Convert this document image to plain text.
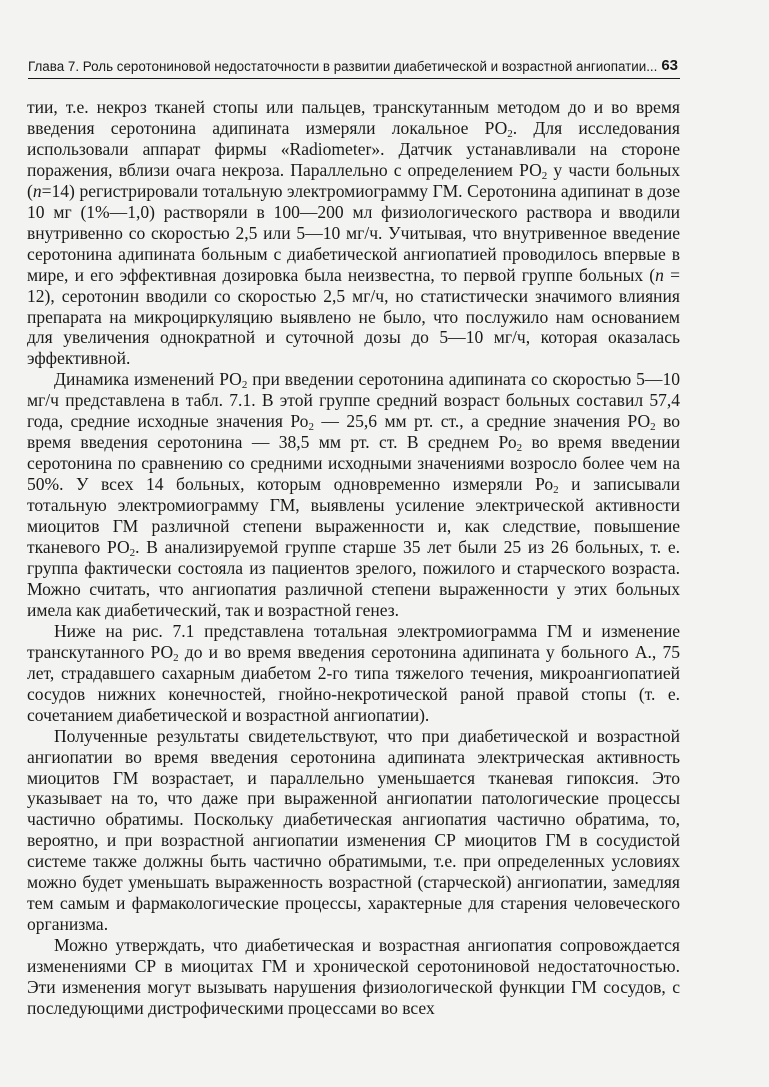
Глава 7. Роль серотониновой недостаточности в развитии диабетической и возрастной ангиопатии... 63

тии, т.е. некроз тканей стопы или пальцев, транскутанным методом до и во время введения серотонина адипината измеряли локальное $РО_2$. Для исследования использовали аппарат фирмы «Radiometer». Датчик устанавливали на стороне поражения, вблизи очага некроза. Параллельно с определением $РО_2$ у части больных (n=14) регистрировали тотальную электромиограмму ГМ. Серотонина адипинат в дозе 10 мг (1%—1,0) растворяли в 100—200 мл физиологического раствора и вводили внутривенно со скоростью 2,5 или 5—10 мг/ч. Учитывая, что внутривенное введение серотонина адипината больным с диабетической ангиопатией проводилось впервые в мире, и его эффективная дозировка была неизвестна, то первой группе больных (n = 12), серотонин вводили со скоростью 2,5 мг/ч, но статистически значимого влияния препарата на микроциркуляцию выявлено не было, что послужило нам основанием для увеличения однократной и суточной дозы до 5—10 мг/ч, которая оказалась эффективной.

Динамика изменений $РО_2$ при введении серотонина адипината со скоростью 5—10 мг/ч представлена в табл. 7.1. В этой группе средний возраст больных составил 57,4 года, средние исходные значения $Ро_2$ — 25,6 мм рт. ст., а средние значения $РО_2$ во время введения серотонина — 38,5 мм рт. ст. В среднем $Ро_2$ во время введении серотонина по сравнению со средними исходными значениями возросло более чем на 50%. У всех 14 больных, которым одновременно измеряли $Ро_2$ и записывали тотальную электромиограмму ГМ, выявлены усиление электрической активности миоцитов ГМ различной степени выраженности и, как следствие, повышение тканевого $РО_2$. В анализируемой группе старше 35 лет были 25 из 26 больных, т. е. группа фактически состояла из пациентов зрелого, пожилого и старческого возраста. Можно считать, что ангиопатия различной степени выраженности у этих больных имела как диабетический, так и возрастной генез.

Ниже на рис. 7.1 представлена тотальная электромиограмма ГМ и изменение транскутанного $РО_2$ до и во время введения серотонина адипината у больного А., 75 лет, страдавшего сахарным диабетом 2-го типа тяжелого течения, микроангиопатией сосудов нижних конечностей, гнойно-некротической раной правой стопы (т. е. сочетанием диабетической и возрастной ангиопатии).

Полученные результаты свидетельствуют, что при диабетической и возрастной ангиопатии во время введения серотонина адипината электрическая активность миоцитов ГМ возрастает, и параллельно уменьшается тканевая гипоксия. Это указывает на то, что даже при выраженной ангиопатии патологические процессы частично обратимы. Поскольку диабетическая ангиопатия частично обратима, то, вероятно, и при возрастной ангиопатии изменения СР миоцитов ГМ в сосудистой системе также должны быть частично обратимыми, т.е. при определенных условиях можно будет уменьшать выраженность возрастной (старческой) ангиопатии, замедляя тем самым и фармакологические процессы, характерные для старения человеческого организма.

Можно утверждать, что диабетическая и возрастная ангиопатия сопровождается изменениями СР в миоцитах ГМ и хронической серотониновой недостаточностью. Эти изменения могут вызывать нарушения физиологической функции ГМ сосудов, с последующими дистрофическими процессами во всех
